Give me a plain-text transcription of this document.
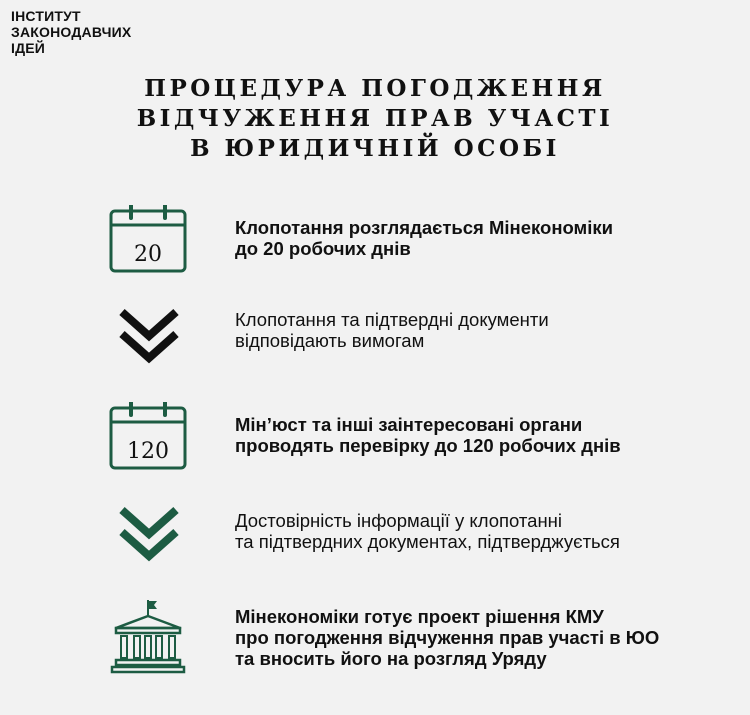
ІНСТИТУТ
ЗАКОНОДАВЧИХ
ІДЕЙ
ПРОЦЕДУРА ПОГОДЖЕННЯ
ВІДЧУЖЕННЯ ПРАВ УЧАСТІ
В ЮРИДИЧНІЙ ОСОБІ
20
Клопотання розглядається Мінекономіки
до 20 робочих днів
Клопотання та підтвердні документи
відповідають вимогам
120
Мін’юст та інші заінтересовані органи
проводять перевірку до 120 робочих днів
Достовірність інформації у клопотанні
та підтвердних документах, підтверджується
Мінекономіки готує проект рішення КМУ
про погодження відчуження прав участі в ЮО
та вносить його на розгляд Уряду
